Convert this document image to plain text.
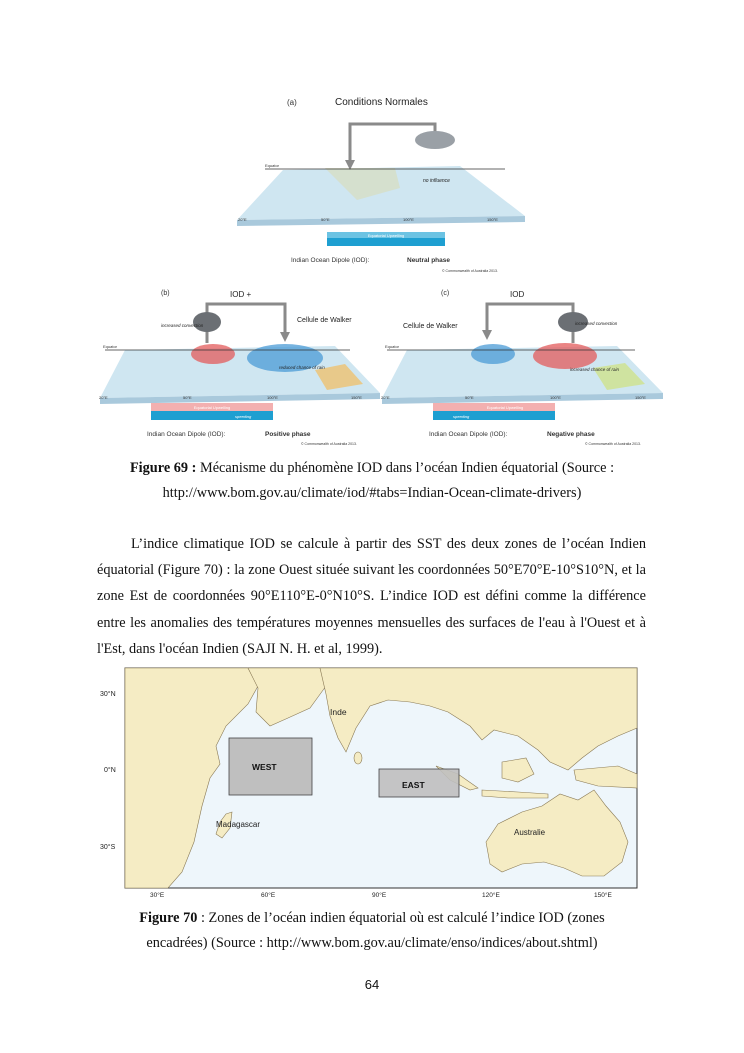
(a)	Conditions Normales
Equator
no influence
20°E	50°E	100°E	150°E
Equatorial Upwelling
Indian Ocean Dipole (IOD):	Neutral phase
© Commonwealth of Australia 2013.
(b)	IOD +
Cellule de Walker
Equator
increased convection
reduced chance of rain
20°E	50°E	100°E	150°E
Equatorial Upwelling
speeding
Indian Ocean Dipole (IOD):	Positive phase
© Commonwealth of Australia 2013.
(c)	IOD
Cellule de Walker
Equator
increased convection
increased chance of rain
20°E	50°E	100°E	150°E
Equatorial Upwelling
speeding
Indian Ocean Dipole (IOD):	Negative phase
© Commonwealth of Australia 2013.
Figure 69 : Mécanisme du phénomène IOD dans l’océan Indien équatorial (Source :
http://www.bom.gov.au/climate/iod/#tabs=Indian-Ocean-climate-drivers)

L’indice climatique IOD se calcule à partir des SST des deux zones de l’océan Indien équatorial (Figure 70) : la zone Ouest située suivant les coordonnées 50°E70°E-10°S10°N, et la zone Est de coordonnées 90°E110°E-0°N10°S. L’indice IOD est défini comme la différence entre les anomalies des températures moyennes mensuelles des surfaces de l'eau à l'Ouest et à l'Est, dans l'océan Indien (SAJI N. H. et al, 1999).

30°N
0°N
30°S
Inde
WEST
EAST
Madagascar
Australie
30°E	60°E	90°E	120°E	150°E
Figure 70 : Zones de l’océan indien équatorial où est calculé l’indice IOD (zones
encadrées) (Source : http://www.bom.gov.au/climate/enso/indices/about.shtml)
64
